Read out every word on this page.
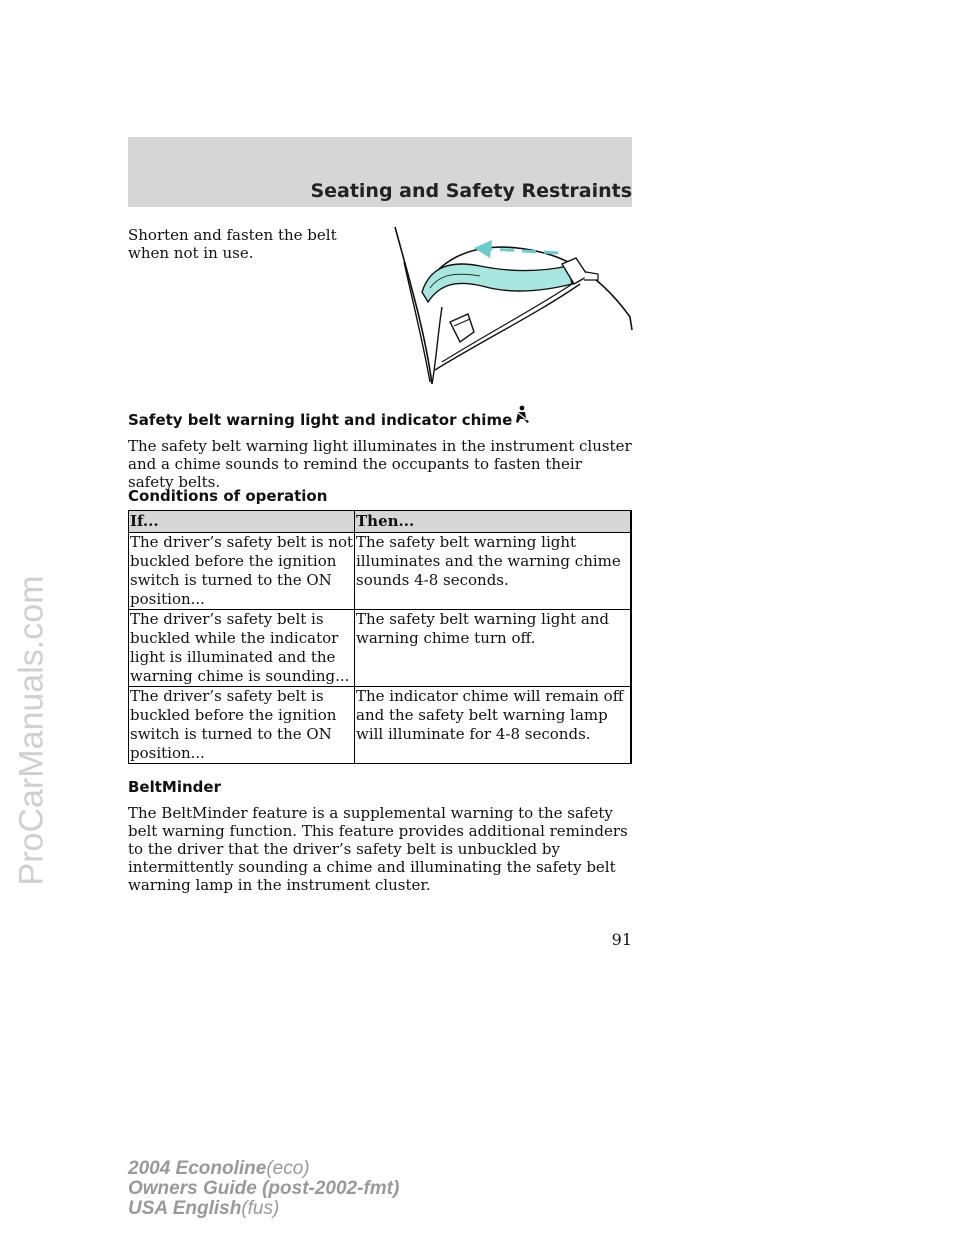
ProCarManuals.com
Seating and Safety Restraints

Shorten and fasten the belt when not in use.

Safety belt warning light and indicator chime

The safety belt warning light illuminates in the instrument cluster and a chime sounds to remind the occupants to fasten their safety belts.

Conditions of operation
If...	Then...
The driver’s safety belt is not buckled before the ignition switch is turned to the ON position...	The safety belt warning light illuminates and the warning chime sounds 4-8 seconds.
The driver’s safety belt is buckled while the indicator light is illuminated and the warning chime is sounding...	The safety belt warning light and warning chime turn off.
The driver’s safety belt is buckled before the ignition switch is turned to the ON position...	The indicator chime will remain off and the safety belt warning lamp will illuminate for 4-8 seconds.
BeltMinder

The BeltMinder feature is a supplemental warning to the safety belt warning function. This feature provides additional reminders to the driver that the driver’s safety belt is unbuckled by intermittently sounding a chime and illuminating the safety belt warning lamp in the instrument cluster.

91
2004 Econoline(eco)
Owners Guide (post-2002-fmt)
USA English(fus)
